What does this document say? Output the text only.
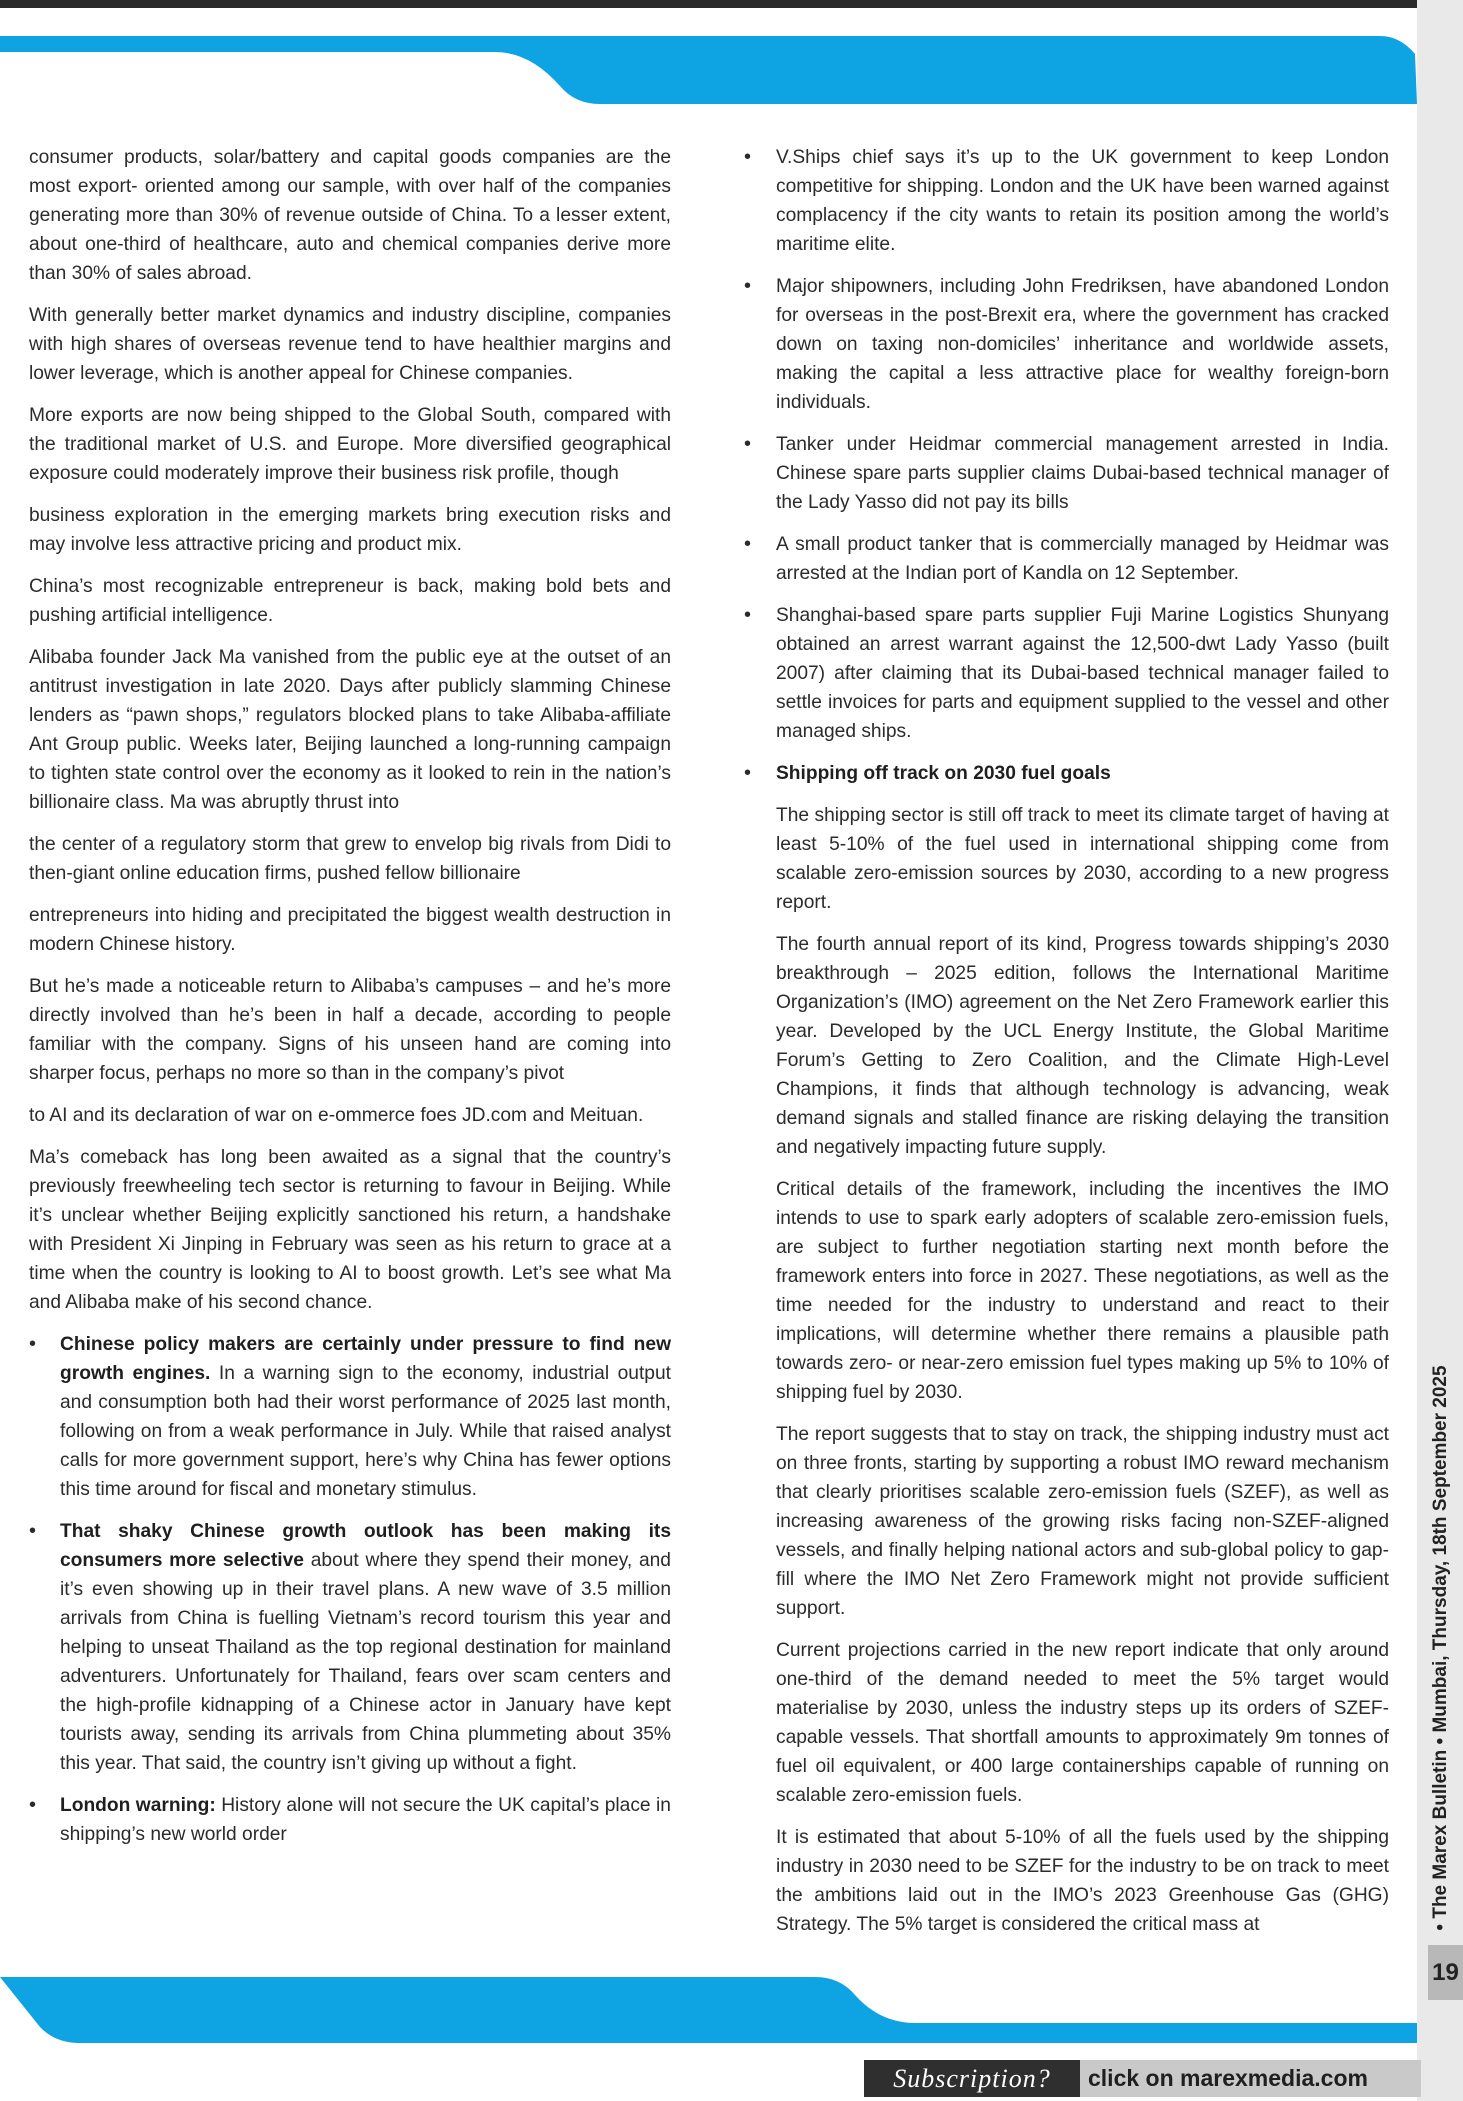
• The Marex Bulletin • Mumbai, Thursday, 18th September 2025

consumer products, solar/battery and capital goods companies are the most export- oriented among our sample, with over half of the companies generating more than 30% of revenue outside of China. To a lesser extent, about one-third of healthcare, auto and chemical companies derive more than 30% of sales abroad.

With generally better market dynamics and industry discipline, companies with high shares of overseas revenue tend to have healthier margins and lower leverage, which is another appeal for Chinese companies.

More exports are now being shipped to the Global South, compared with the traditional market of U.S. and Europe. More diversified geographical exposure could moderately improve their business risk profile, though

business exploration in the emerging markets bring execution risks and may involve less attractive pricing and product mix.

China’s most recognizable entrepreneur is back, making bold bets and pushing artificial intelligence.

Alibaba founder Jack Ma vanished from the public eye at the outset of an antitrust investigation in late 2020. Days after publicly slamming Chinese lenders as “pawn shops,” regulators blocked plans to take Alibaba-affiliate Ant Group public. Weeks later, Beijing launched a long-running campaign to tighten state control over the economy as it looked to rein in the nation’s billionaire class. Ma was abruptly thrust into

the center of a regulatory storm that grew to envelop big rivals from Didi to then-giant online education firms, pushed fellow billionaire

entrepreneurs into hiding and precipitated the biggest wealth destruction in modern Chinese history.

But he’s made a noticeable return to Alibaba’s campuses – and he’s more directly involved than he’s been in half a decade, according to people familiar with the company. Signs of his unseen hand are coming into sharper focus, perhaps no more so than in the company’s pivot

to AI and its declaration of war on e-ommerce foes JD.com and Meituan.

Ma’s comeback has long been awaited as a signal that the country’s previously freewheeling tech sector is returning to favour in Beijing. While it’s unclear whether Beijing explicitly sanctioned his return, a handshake with President Xi Jinping in February was seen as his return to grace at a time when the country is looking to AI to boost growth. Let’s see what Ma and Alibaba make of his second chance.

• Chinese policy makers are certainly under pressure to find new growth engines. In a warning sign to the economy, industrial output and consumption both had their worst performance of 2025 last month, following on from a weak performance in July. While that raised analyst calls for more government support, here’s why China has fewer options this time around for fiscal and monetary stimulus.
• That shaky Chinese growth outlook has been making its consumers more selective about where they spend their money, and it’s even showing up in their travel plans. A new wave of 3.5 million arrivals from China is fuelling Vietnam’s record tourism this year and helping to unseat Thailand as the top regional destination for mainland adventurers. Unfortunately for Thailand, fears over scam centers and the high-profile kidnapping of a Chinese actor in January have kept tourists away, sending its arrivals from China plummeting about 35% this year. That said, the country isn’t giving up without a fight.
• London warning: History alone will not secure the UK capital’s place in shipping’s new world order
• V.Ships chief says it’s up to the UK government to keep London competitive for shipping. London and the UK have been warned against complacency if the city wants to retain its position among the world’s maritime elite.
• Major shipowners, including John Fredriksen, have abandoned London for overseas in the post-Brexit era, where the government has cracked down on taxing non-domiciles’ inheritance and worldwide assets, making the capital a less attractive place for wealthy foreign-born individuals.
• Tanker under Heidmar commercial management arrested in India. Chinese spare parts supplier claims Dubai-based technical manager of the Lady Yasso did not pay its bills
• A small product tanker that is commercially managed by Heidmar was arrested at the Indian port of Kandla on 12 September.
• Shanghai-based spare parts supplier Fuji Marine Logistics Shunyang obtained an arrest warrant against the 12,500-dwt Lady Yasso (built 2007) after claiming that its Dubai-based technical manager failed to settle invoices for parts and equipment supplied to the vessel and other managed ships.
• Shipping off track on 2030 fuel goals

The shipping sector is still off track to meet its climate target of having at least 5-10% of the fuel used in international shipping come from scalable zero-emission sources by 2030, according to a new progress report.

The fourth annual report of its kind, Progress towards shipping’s 2030 breakthrough – 2025 edition, follows the International Maritime Organization’s (IMO) agreement on the Net Zero Framework earlier this year. Developed by the UCL Energy Institute, the Global Maritime Forum’s Getting to Zero Coalition, and the Climate High-Level Champions, it finds that although technology is advancing, weak demand signals and stalled finance are risking delaying the transition and negatively impacting future supply.

Critical details of the framework, including the incentives the IMO intends to use to spark early adopters of scalable zero-emission fuels, are subject to further negotiation starting next month before the framework enters into force in 2027. These negotiations, as well as the time needed for the industry to understand and react to their implications, will determine whether there remains a plausible path towards zero- or near-zero emission fuel types making up 5% to 10% of shipping fuel by 2030.

The report suggests that to stay on track, the shipping industry must act on three fronts, starting by supporting a robust IMO reward mechanism that clearly prioritises scalable zero-emission fuels (SZEF), as well as increasing awareness of the growing risks facing non-SZEF-aligned vessels, and finally helping national actors and sub-global policy to gap-fill where the IMO Net Zero Framework might not provide sufficient support.

Current projections carried in the new report indicate that only around one-third of the demand needed to meet the 5% target would materialise by 2030, unless the industry steps up its orders of SZEF-capable vessels. That shortfall amounts to approximately 9m tonnes of fuel oil equivalent, or 400 large containerships capable of running on scalable zero-emission fuels.

It is estimated that about 5-10% of all the fuels used by the shipping industry in 2030 need to be SZEF for the industry to be on track to meet the ambitions laid out in the IMO’s 2023 Greenhouse Gas (GHG) Strategy. The 5% target is considered the critical mass at

19
Subscription?	click on marexmedia.com
